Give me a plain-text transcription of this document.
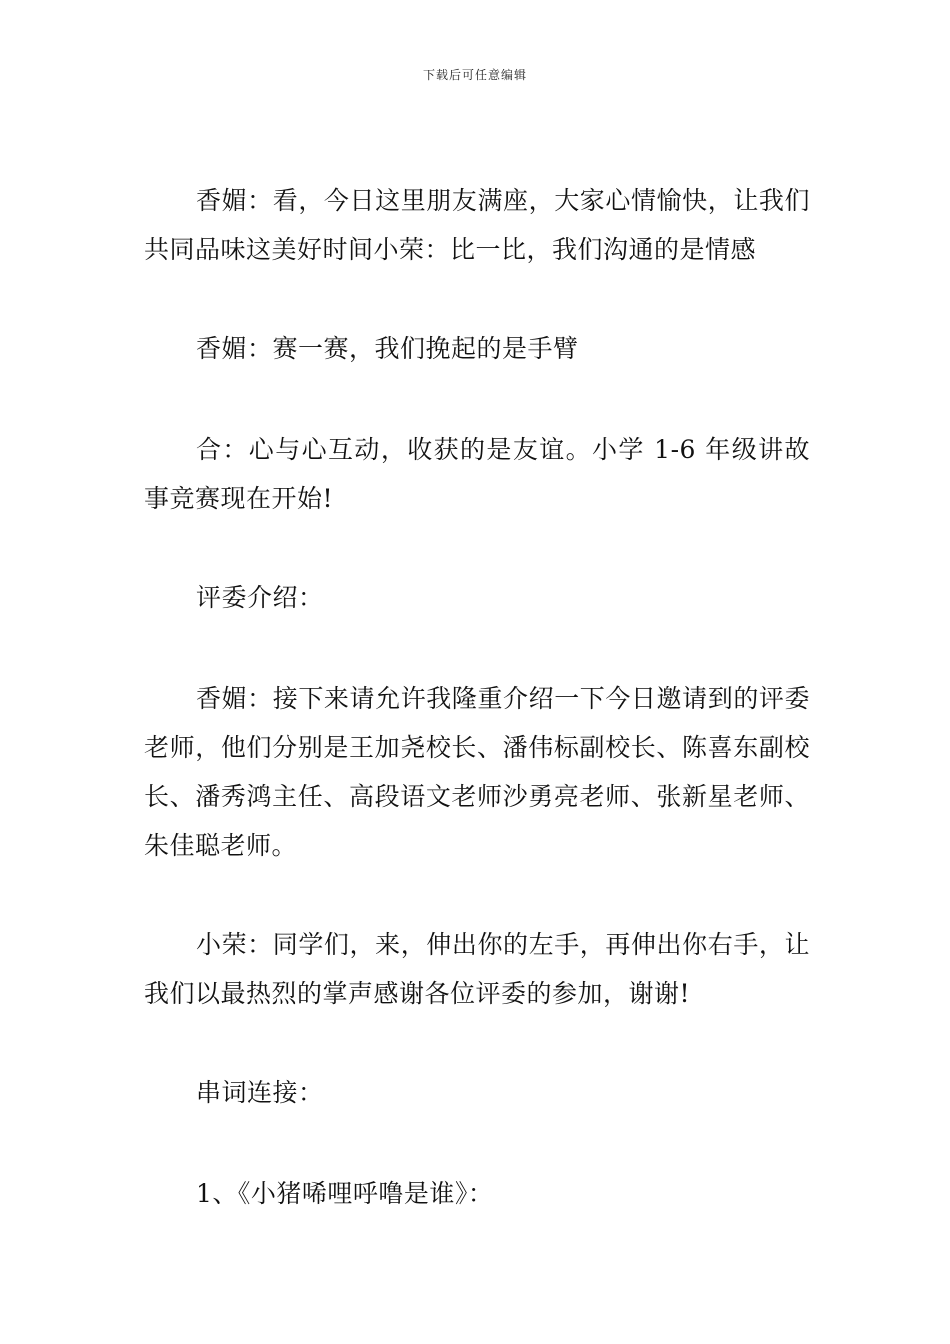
下载后可任意编辑

香媚：看，今日这里朋友满座，大家心情愉快，让我们共同品味这美好时间小荣：比一比，我们沟通的是情感

香媚：赛一赛，我们挽起的是手臂

合：心与心互动，收获的是友谊。小学 1-6 年级讲故事竞赛现在开始!

评委介绍：

香媚：接下来请允许我隆重介绍一下今日邀请到的评委老师，他们分别是王加尧校长、潘伟标副校长、陈喜东副校长、潘秀鸿主任、高段语文老师沙勇亮老师、张新星老师、朱佳聪老师。

小荣：同学们，来，伸出你的左手，再伸出你右手，让我们以最热烈的掌声感谢各位评委的参加，谢谢!

串词连接：

1、《小猪唏哩呼噜是谁》：
